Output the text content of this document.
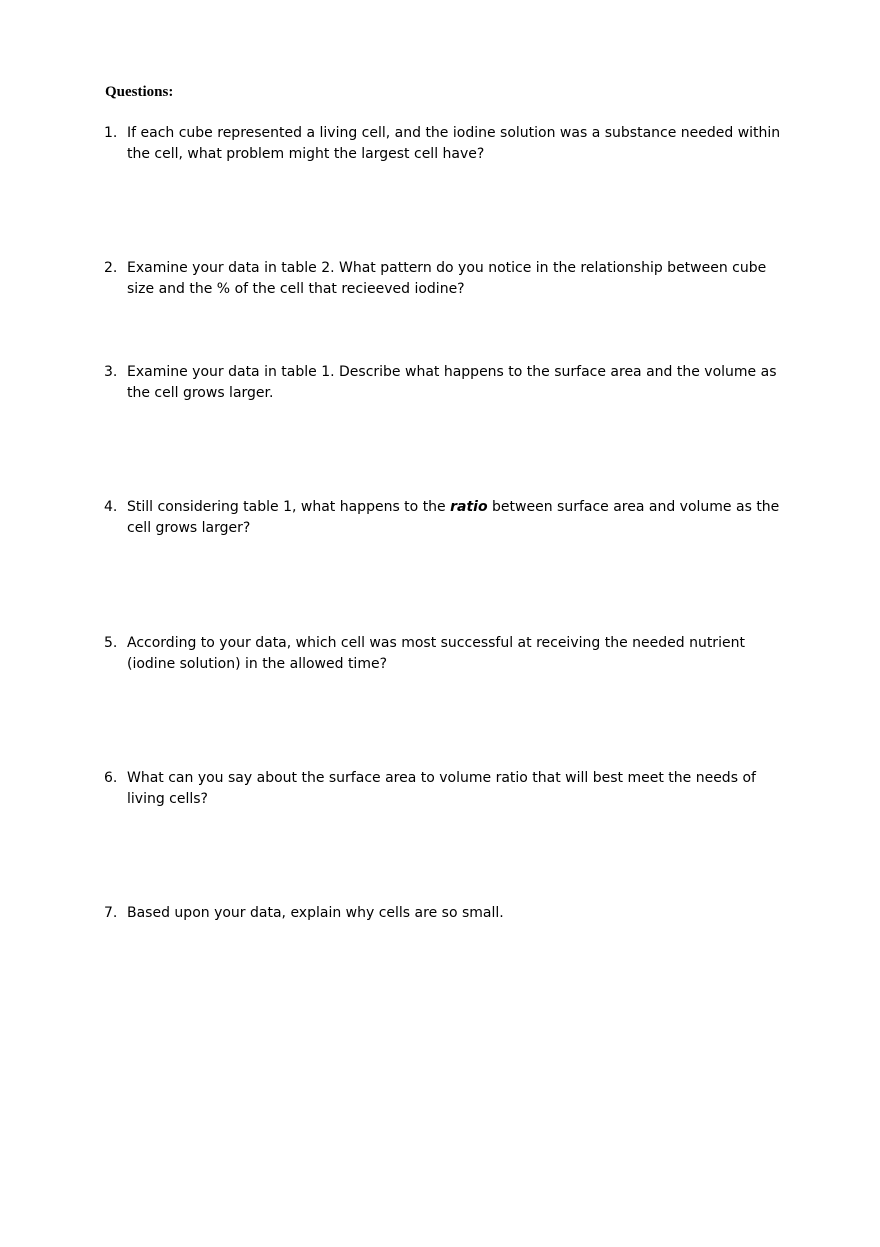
Questions:
1. If each cube represented a living cell, and the iodine solution was a substance needed within the cell, what problem might the largest cell have?
2. Examine your data in table 2. What pattern do you notice in the relationship between cube size and the % of the cell that recieeved iodine?
3. Examine your data in table 1. Describe what happens to the surface area and the volume as the cell grows larger.
4. Still considering table 1, what happens to the ratio between surface area and volume as the cell grows larger?
5. According to your data, which cell was most successful at receiving the needed nutrient (iodine solution) in the allowed time?
6. What can you say about the surface area to volume ratio that will best meet the needs of living cells?
7. Based upon your data, explain why cells are so small.
